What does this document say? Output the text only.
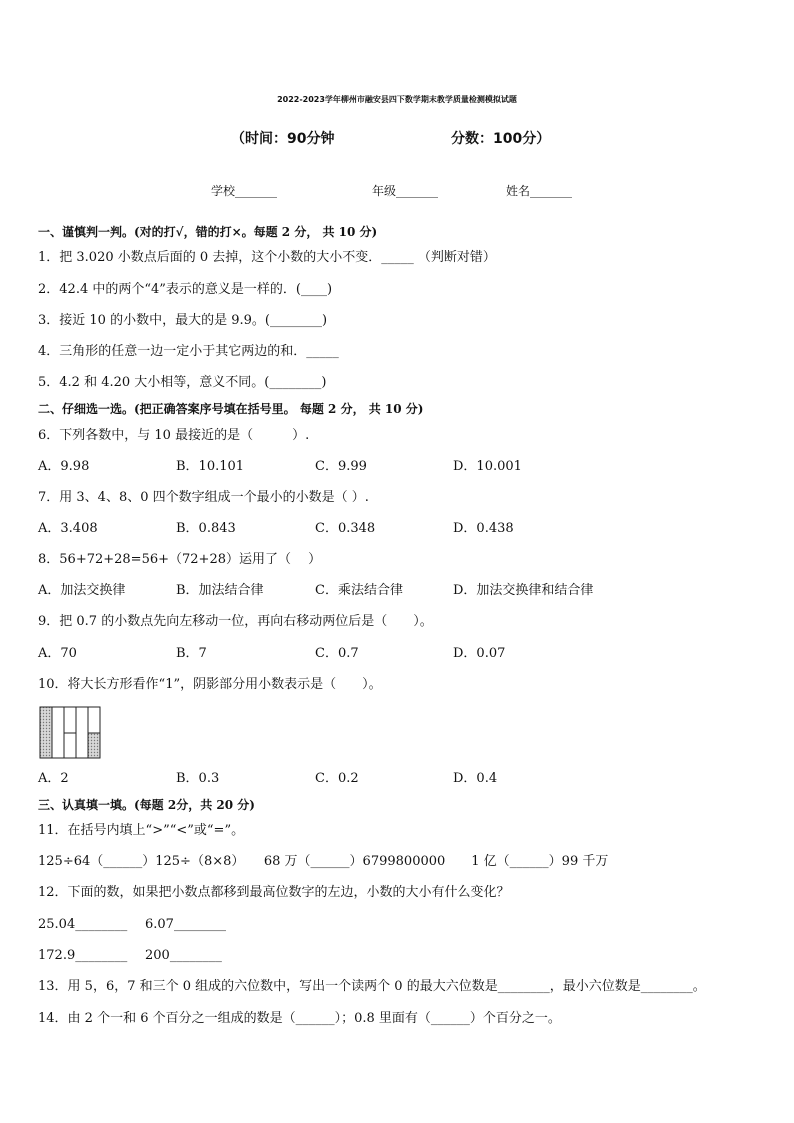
2022-2023学年柳州市融安县四下数学期末教学质量检测模拟试题
（时间：90分钟	分数：100分）
学校_______	年级_______	姓名_______
一、谨慎判一判。(对的打√，错的打×。每题 2 分， 共 10 分)
1．把 3.020 小数点后面的 0 去掉，这个小数的大小不变．_____ （判断对错）
2．42.4 中的两个“4”表示的意义是一样的．(____)
3．接近 10 的小数中，最大的是 9.9。(________)
4．三角形的任意一边一定小于其它两边的和．_____
5．4.2 和 4.20 大小相等，意义不同。(________)
二、仔细选一选。(把正确答案序号填在括号里。 每题 2 分， 共 10 分)
6．下列各数中，与 10 最接近的是（　　　）.
A．9.98	B．10.101	C．9.99	D．10.001
7．用 3、4、8、0 四个数字组成一个最小的小数是（ ）.
A．3.408	B．0.843	C．0.348	D．0.438
8．56+72+28=56+（72+28）运用了（　 ）
A．加法交换律	B．加法结合律	C．乘法结合律	D．加法交换律和结合律
9．把 0.7 的小数点先向左移动一位，再向右移动两位后是（　　）。
A．70	B．7	C．0.7	D．0.07
10．将大长方形看作“1”，阴影部分用小数表示是（　　）。
A．2	B．0.3	C．0.2	D．0.4
三、认真填一填。(每题 2分，共 20 分)
11．在括号内填上“>”“<”或“=”。
125÷64（______）125÷（8×8）　　68 万（______）6799800000　　1 亿（______）99 千万
12．下面的数，如果把小数点都移到最高位数字的左边，小数的大小有什么变化？
25.04________ 6.07________
172.9________ 200________
13．用 5，6，7 和三个 0 组成的六位数中，写出一个读两个 0 的最大六位数是________，最小六位数是________。
14．由 2 个一和 6 个百分之一组成的数是（______）；0.8 里面有（______）个百分之一。
